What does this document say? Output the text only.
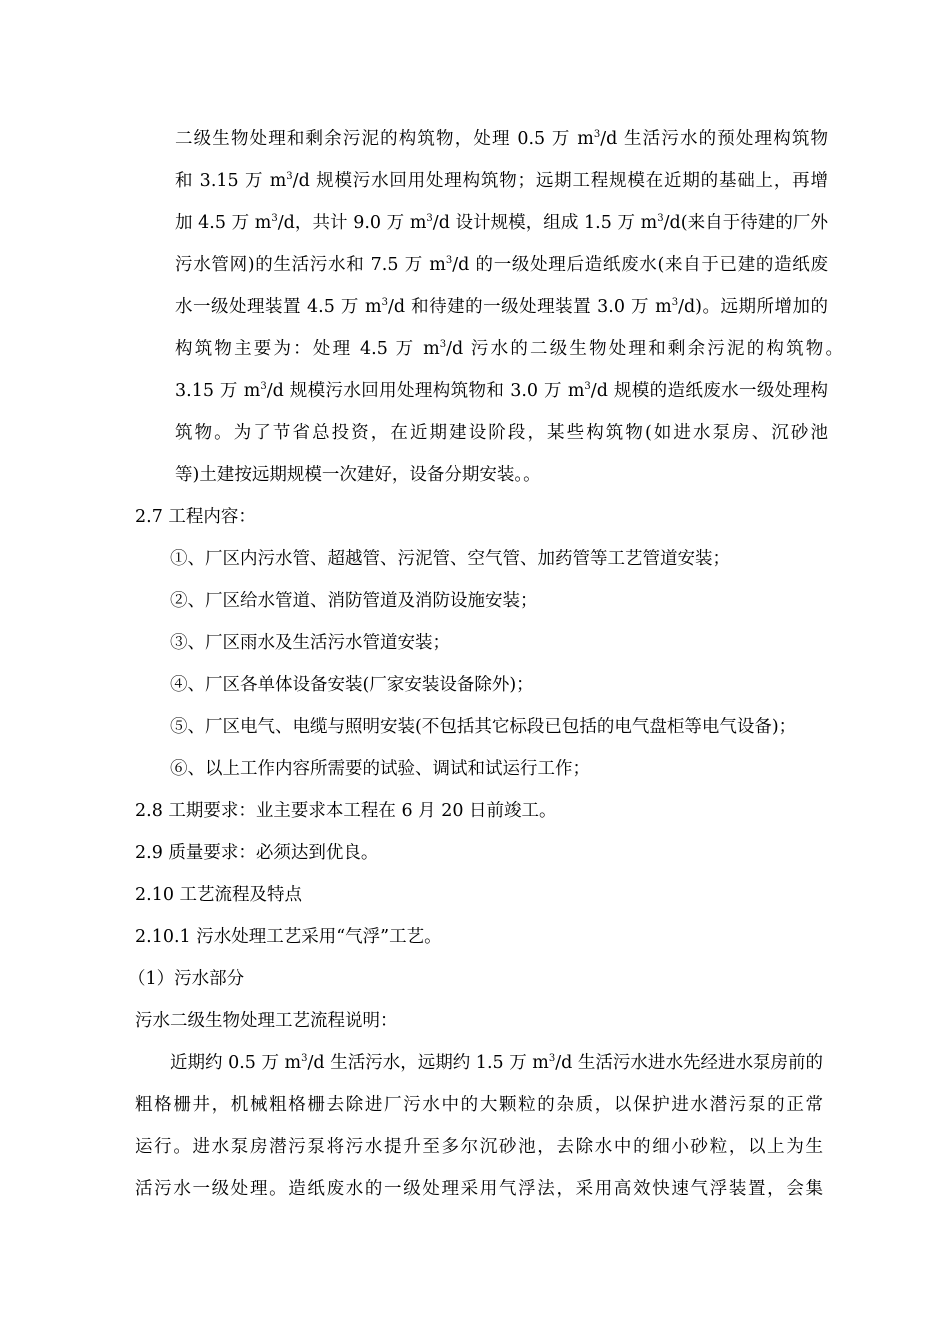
二级生物处理和剩余污泥的构筑物，处理 0.5 万 $m^3/d$ 生活污水的预处理构筑物
和 3.15 万 $m^3/d$ 规模污水回用处理构筑物；远期工程规模在近期的基础上，再增
加 4.5 万 $m^3/d$，共计 9.0 万 $m^3/d$ 设计规模，组成 1.5 万 $m^3/d$(来自于待建的厂外
污水管网)的生活污水和 7.5 万 $m^3/d$ 的一级处理后造纸废水(来自于已建的造纸废
水一级处理装置 4.5 万 $m^3/d$ 和待建的一级处理装置 3.0 万 $m^3/d$)。远期所增加的
构筑物主要为：处理 4.5 万 $m^3/d$ 污水的二级生物处理和剩余污泥的构筑物。
3.15 万 $m^3/d$ 规模污水回用处理构筑物和 3.0 万 $m^3/d$ 规模的造纸废水一级处理构
筑物。为了节省总投资，在近期建设阶段，某些构筑物(如进水泵房、沉砂池
等)土建按远期规模一次建好，设备分期安装。。
2.7 工程内容：
①、厂区内污水管、超越管、污泥管、空气管、加药管等工艺管道安装；
②、厂区给水管道、消防管道及消防设施安装；
③、厂区雨水及生活污水管道安装；
④、厂区各单体设备安装(厂家安装设备除外)；
⑤、厂区电气、电缆与照明安装(不包括其它标段已包括的电气盘柜等电气设备)；
⑥、以上工作内容所需要的试验、调试和试运行工作；
2.8 工期要求：业主要求本工程在 6 月 20 日前竣工。
2.9 质量要求：必须达到优良。
2.10 工艺流程及特点
2.10.1 污水处理工艺采用“气浮”工艺。
（1）污水部分
污水二级生物处理工艺流程说明：
近期约 0.5 万 $m^3/d$ 生活污水，远期约 1.5 万 $m^3/d$ 生活污水进水先经进水泵房前的
粗格栅井，机械粗格栅去除进厂污水中的大颗粒的杂质，以保护进水潜污泵的正常
运行。进水泵房潜污泵将污水提升至多尔沉砂池，去除水中的细小砂粒，以上为生
活污水一级处理。造纸废水的一级处理采用气浮法，采用高效快速气浮装置，会集
